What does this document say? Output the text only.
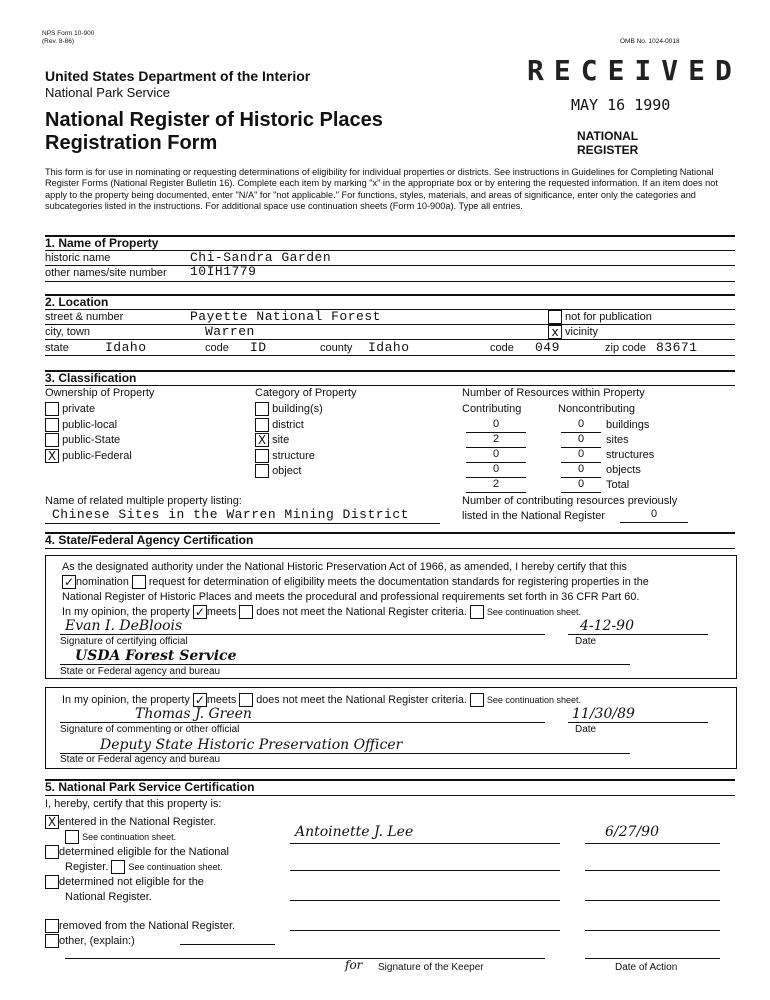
NPS Form 10-900
(Rev. 8-86)	OMB No. 1024-0018
United States Department of the Interior
National Park Service
National Register of Historic Places
Registration Form
RECEIVED
MAY 16 1990
NATIONAL
REGISTER
This form is for use in nominating or requesting determinations of eligibility for individual properties or districts. See instructions in Guidelines for Completing National Register Forms (National Register Bulletin 16). Complete each item by marking "x" in the appropriate box or by entering the requested information. If an item does not apply to the property being documented, enter "N/A" for "not applicable." For functions, styles, materials, and areas of significance, enter only the categories and subcategories listed in the instructions. For additional space use continuation sheets (Form 10-900a). Type all entries.
1. Name of Property
historic name	Chi-Sandra Garden
other names/site number 10IH1779
2. Location
street & number	Payette National Forest	not for publication
city, town	Warren	x vicinity
state	Idaho	code ID	county Idaho	code 049	zip code 83671
3. Classification
Ownership of Property
private
public-local
public-State
X public-Federal
Category of Property
building(s)
district
X site
structure
object
Number of Resources within Property
Contributing	Noncontributing
0	0	buildings
2	0	sites
0	0	structures
0	0	objects
2	0	Total
Name of related multiple property listing:
Chinese Sites in the Warren Mining District
Number of contributing resources previously
listed in the National Register	0
4. State/Federal Agency Certification
As the designated authority under the National Historic Preservation Act of 1966, as amended, I hereby certify that this
✓ nomination request for determination of eligibility meets the documentation standards for registering properties in the
National Register of Historic Places and meets the procedural and professional requirements set forth in 36 CFR Part 60.
In my opinion, the property ✓ meets does not meet the National Register criteria. See continuation sheet.
Evan I. DeBloois	4-12-90
Signature of certifying official	Date
USDA Forest Service
State or Federal agency and bureau
In my opinion, the property ✓ meets does not meet the National Register criteria. See continuation sheet.
Thomas J. Green	11/30/89
Signature of commenting or other official	Date
Deputy State Historic Preservation Officer
State or Federal agency and bureau
5. National Park Service Certification
I, hereby, certify that this property is:
X entered in the National Register.
See continuation sheet.
determined eligible for the National
Register. See continuation sheet.
determined not eligible for the
National Register.
removed from the National Register.
other, (explain:)
Antoinette J. Lee	6/27/90
for Signature of the Keeper	Date of Action
